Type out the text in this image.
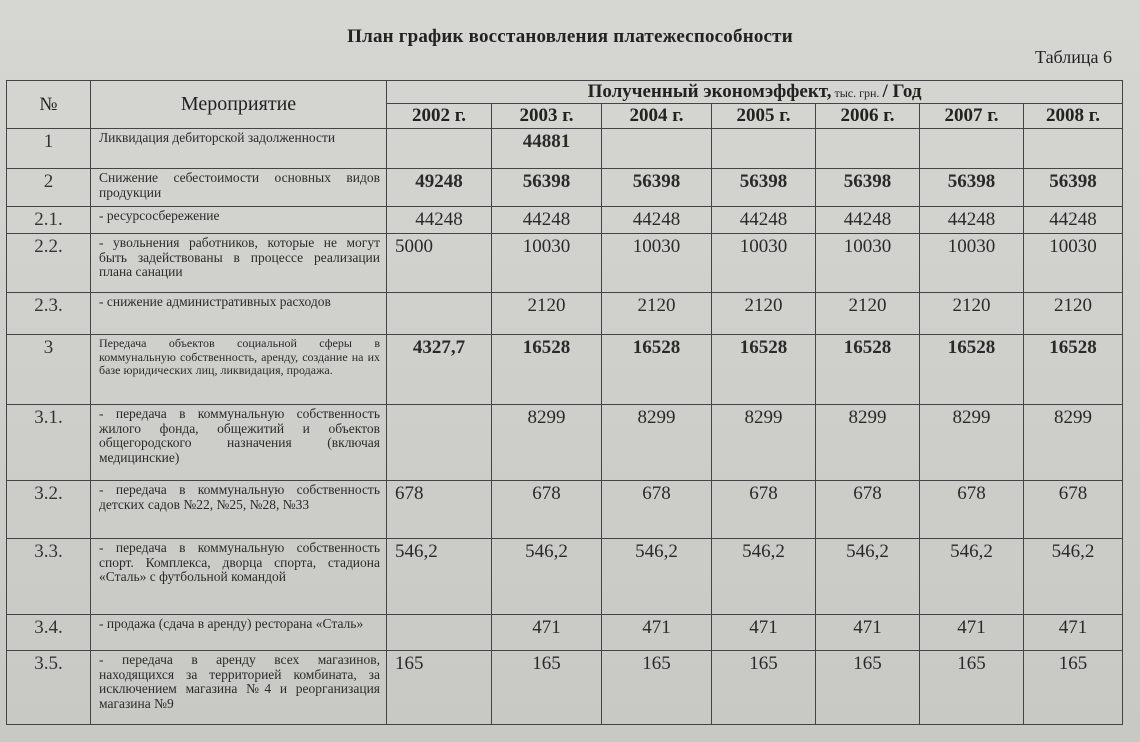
План график восстановления платежеспособности
Таблица 6
№	Мероприятие	Полученный экономэффект, тыс. грн. / Год						
		2002 г.	2003 г.	2004 г.	2005 г.	2006 г.	2007 г.	2008 г.
1	Ликвидация дебиторской задолженности		44881					
2	Снижение себестоимости основных видов продукции	49248	56398	56398	56398	56398	56398	56398
2.1.	- ресурсосбережение	44248	44248	44248	44248	44248	44248	44248
2.2.	- увольнения работников, которые не могут быть задействованы в процессе реализации плана санации	5000	10030	10030	10030	10030	10030	10030
2.3.	- снижение административных расходов		2120	2120	2120	2120	2120	2120
3	Передача объектов социальной сферы в коммунальную собственность, аренду, создание на их базе юридических лиц, ликвидация, продажа.	4327,7	16528	16528	16528	16528	16528	16528
3.1.	- передача в коммунальную собственность жилого фонда, общежитий и объектов общегородского назначения (включая медицинские)		8299	8299	8299	8299	8299	8299
3.2.	- передача в коммунальную собственность детских садов №22, №25, №28, №33	678	678	678	678	678	678	678
3.3.	- передача в коммунальную собственность спорт. Комплекса, дворца спорта, стадиона «Сталь» с футбольной командой	546,2	546,2	546,2	546,2	546,2	546,2	546,2
3.4.	- продажа (сдача в аренду) ресторана «Сталь»		471	471	471	471	471	471
3.5.	- передача в аренду всех магазинов, находящихся за территорией комбината, за исключением магазина №4 и реорганизация магазина №9	165	165	165	165	165	165	165
